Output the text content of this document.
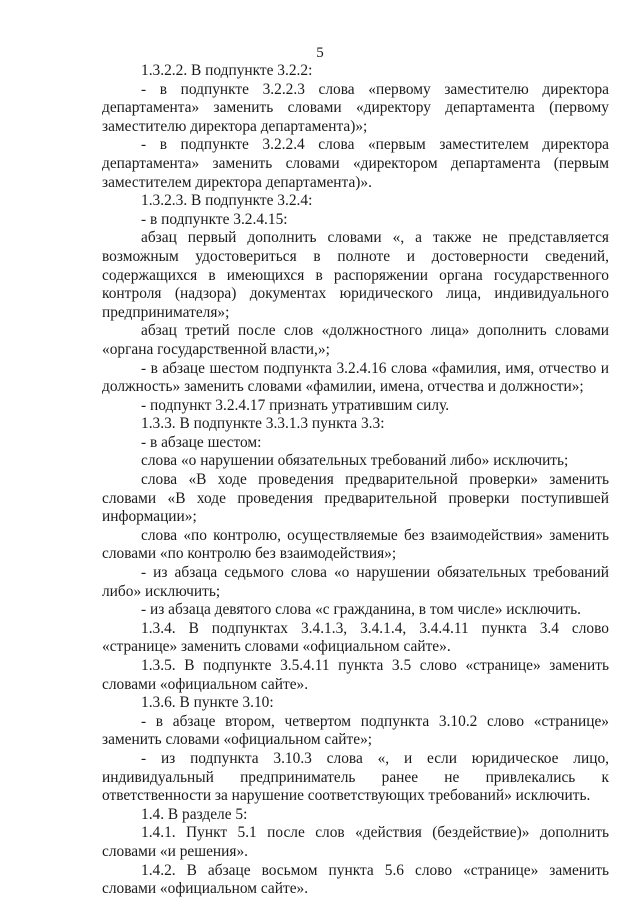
5

1.3.2.2. В подпункте 3.2.2:

- в подпункте 3.2.2.3 слова «первому заместителю директора департамента» заменить словами «директору департамента (первому заместителю директора департамента)»;

- в подпункте 3.2.2.4 слова «первым заместителем директора департамента» заменить словами «директором департамента (первым заместителем директора департамента)».

1.3.2.3. В подпункте 3.2.4:

- в подпункте 3.2.4.15:

абзац первый дополнить словами «, а также не представляется возможным удостовериться в полноте и достоверности сведений, содержащихся в имеющихся в распоряжении органа государственного контроля (надзора) документах юридического лица, индивидуального предпринимателя»;

абзац третий после слов «должностного лица» дополнить словами «органа государственной власти,»;

- в абзаце шестом подпункта 3.2.4.16 слова «фамилия, имя, отчество и должность» заменить словами «фамилии, имена, отчества и должности»;

- подпункт 3.2.4.17 признать утратившим силу.

1.3.3. В подпункте 3.3.1.3 пункта 3.3:

- в абзаце шестом:

слова «о нарушении обязательных требований либо» исключить;

слова «В ходе проведения предварительной проверки» заменить словами «В ходе проведения предварительной проверки поступившей информации»;

слова «по контролю, осуществляемые без взаимодействия» заменить словами «по контролю без взаимодействия»;

- из абзаца седьмого слова «о нарушении обязательных требований либо» исключить;

- из абзаца девятого слова «с гражданина, в том числе» исключить.

1.3.4. В подпунктах 3.4.1.3, 3.4.1.4, 3.4.4.11 пункта 3.4 слово «странице» заменить словами «официальном сайте».

1.3.5. В подпункте 3.5.4.11 пункта 3.5 слово «странице» заменить словами «официальном сайте».

1.3.6. В пункте 3.10:

- в абзаце втором, четвертом подпункта 3.10.2 слово «странице» заменить словами «официальном сайте»;

- из подпункта 3.10.3 слова «, и если юридическое лицо, индивидуальный предприниматель ранее не привлекались к ответственности за нарушение соответствующих требований» исключить.

1.4. В разделе 5:

1.4.1. Пункт 5.1 после слов «действия (бездействие)» дополнить словами «и решения».

1.4.2. В абзаце восьмом пункта 5.6 слово «странице» заменить словами «официальном сайте».
